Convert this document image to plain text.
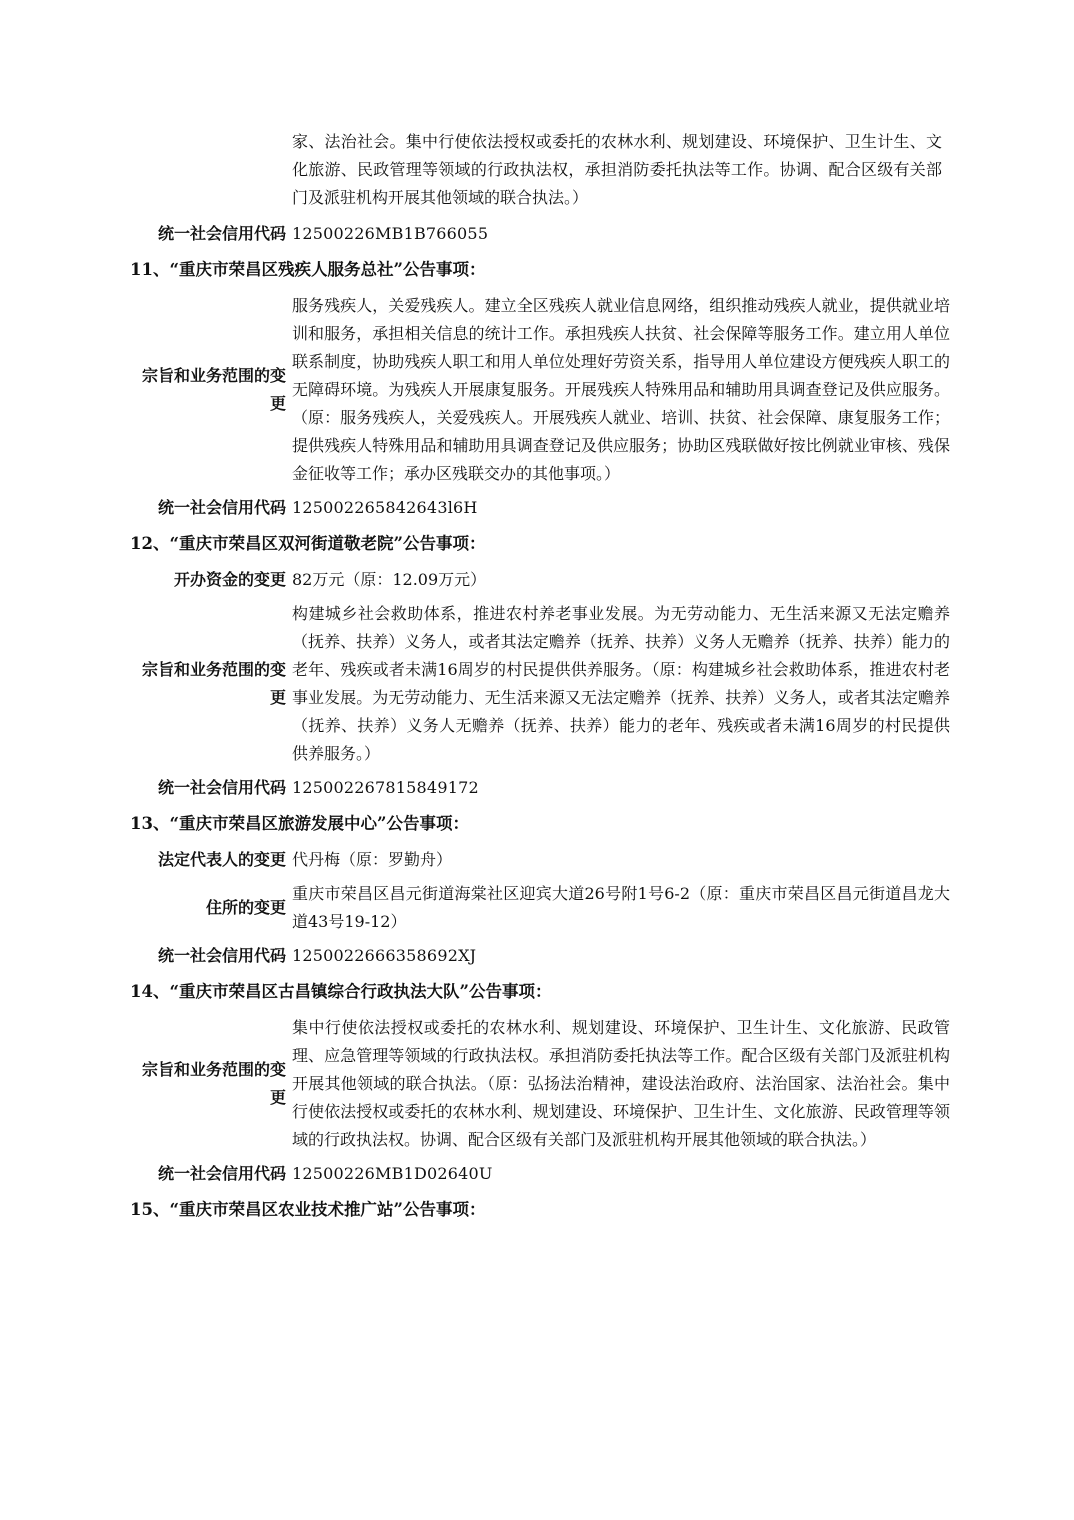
家、法治社会。集中行使依法授权或委托的农林水利、规划建设、环境保护、卫生计生、文化旅游、民政管理等领域的行政执法权，承担消防委托执法等工作。协调、配合区级有关部门及派驻机构开展其他领域的联合执法。）
统一社会信用代码 12500226MB1B766055
11、“重庆市荣昌区残疾人服务总社”公告事项：
宗旨和业务范围的变更
服务残疾人，关爱残疾人。建立全区残疾人就业信息网络，组织推动残疾人就业，提供就业培训和服务，承担相关信息的统计工作。承担残疾人扶贫、社会保障等服务工作。建立用人单位联系制度，协助残疾人职工和用人单位处理好劳资关系，指导用人单位建设方便残疾人职工的无障碍环境。为残疾人开展康复服务。开展残疾人特殊用品和辅助用具调查登记及供应服务。（原：服务残疾人，关爱残疾人。开展残疾人就业、培训、扶贫、社会保障、康复服务工作；提供残疾人特殊用品和辅助用具调查登记及供应服务；协助区残联做好按比例就业审核、残保金征收等工作；承办区残联交办的其他事项。）
统一社会信用代码 125002265842643l6H
12、“重庆市荣昌区双河街道敬老院”公告事项：
开办资金的变更 82万元（原：12.09万元）
宗旨和业务范围的变更
构建城乡社会救助体系，推进农村养老事业发展。为无劳动能力、无生活来源又无法定赡养（抚养、扶养）义务人，或者其法定赡养（抚养、扶养）义务人无赡养（抚养、扶养）能力的老年、残疾或者未满16周岁的村民提供供养服务。（原：构建城乡社会救助体系，推进农村老事业发展。为无劳动能力、无生活来源又无法定赡养（抚养、扶养）义务人，或者其法定赡养（抚养、扶养）义务人无赡养（抚养、扶养）能力的老年、残疾或者未满16周岁的村民提供供养服务。）
统一社会信用代码 125002267815849172
13、“重庆市荣昌区旅游发展中心”公告事项：
法定代表人的变更 代丹梅（原：罗勤舟）
住所的变更
重庆市荣昌区昌元街道海棠社区迎宾大道26号附1号6-2（原：重庆市荣昌区昌元街道昌龙大道43号19-12）
统一社会信用代码 1250022666358692XJ
14、“重庆市荣昌区古昌镇综合行政执法大队”公告事项：
宗旨和业务范围的变更
集中行使依法授权或委托的农林水利、规划建设、环境保护、卫生计生、文化旅游、民政管理、应急管理等领域的行政执法权。承担消防委托执法等工作。配合区级有关部门及派驻机构开展其他领域的联合执法。（原：弘扬法治精神，建设法治政府、法治国家、法治社会。集中行使依法授权或委托的农林水利、规划建设、环境保护、卫生计生、文化旅游、民政管理等领域的行政执法权。协调、配合区级有关部门及派驻机构开展其他领域的联合执法。）
统一社会信用代码 12500226MB1D02640U
15、“重庆市荣昌区农业技术推广站”公告事项：
